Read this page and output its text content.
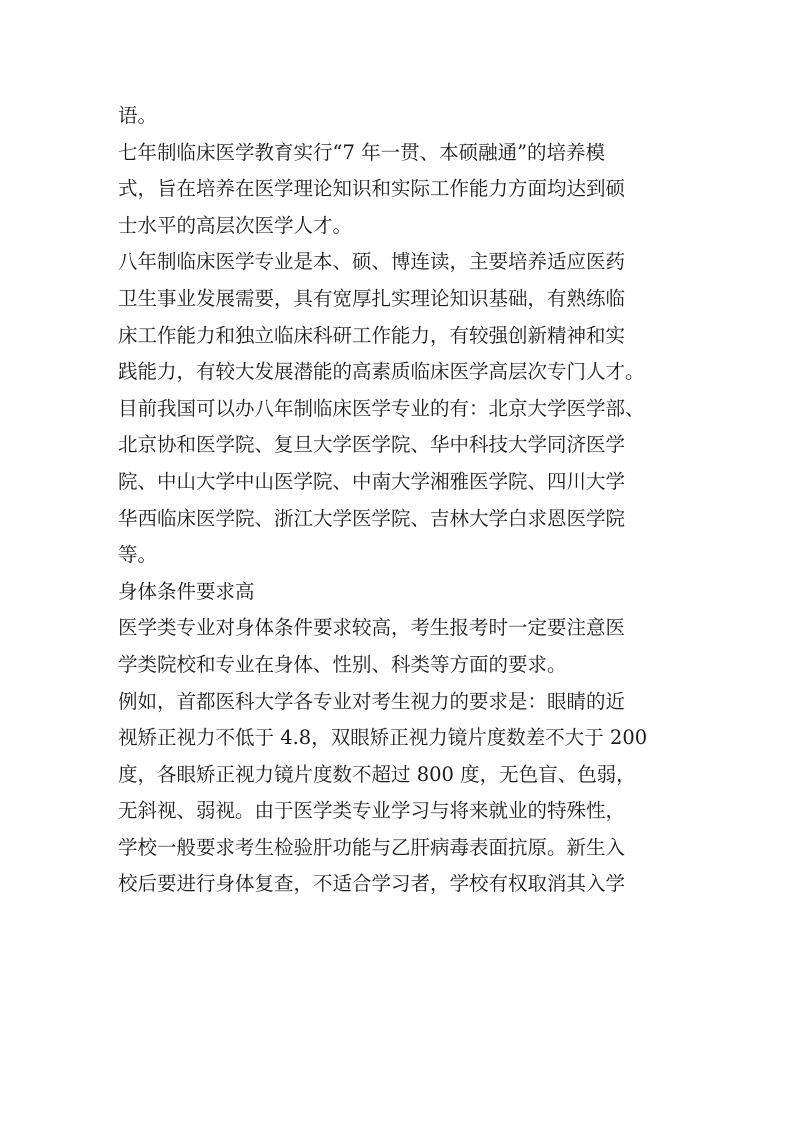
语。
七年制临床医学教育实行“7 年一贯、本硕融通”的培养模
式，旨在培养在医学理论知识和实际工作能力方面均达到硕
士水平的高层次医学人才。
八年制临床医学专业是本、硕、博连读，主要培养适应医药
卫生事业发展需要，具有宽厚扎实理论知识基础，有熟练临
床工作能力和独立临床科研工作能力，有较强创新精神和实
践能力，有较大发展潜能的高素质临床医学高层次专门人才。
目前我国可以办八年制临床医学专业的有：北京大学医学部、
北京协和医学院、复旦大学医学院、华中科技大学同济医学
院、中山大学中山医学院、中南大学湘雅医学院、四川大学
华西临床医学院、浙江大学医学院、吉林大学白求恩医学院
等。
身体条件要求高
医学类专业对身体条件要求较高，考生报考时一定要注意医
学类院校和专业在身体、性别、科类等方面的要求。
例如，首都医科大学各专业对考生视力的要求是：眼睛的近
视矫正视力不低于 4.8，双眼矫正视力镜片度数差不大于 200
度，各眼矫正视力镜片度数不超过 800 度，无色盲、色弱，
无斜视、弱视。由于医学类专业学习与将来就业的特殊性，
学校一般要求考生检验肝功能与乙肝病毒表面抗原。新生入
校后要进行身体复查，不适合学习者，学校有权取消其入学
